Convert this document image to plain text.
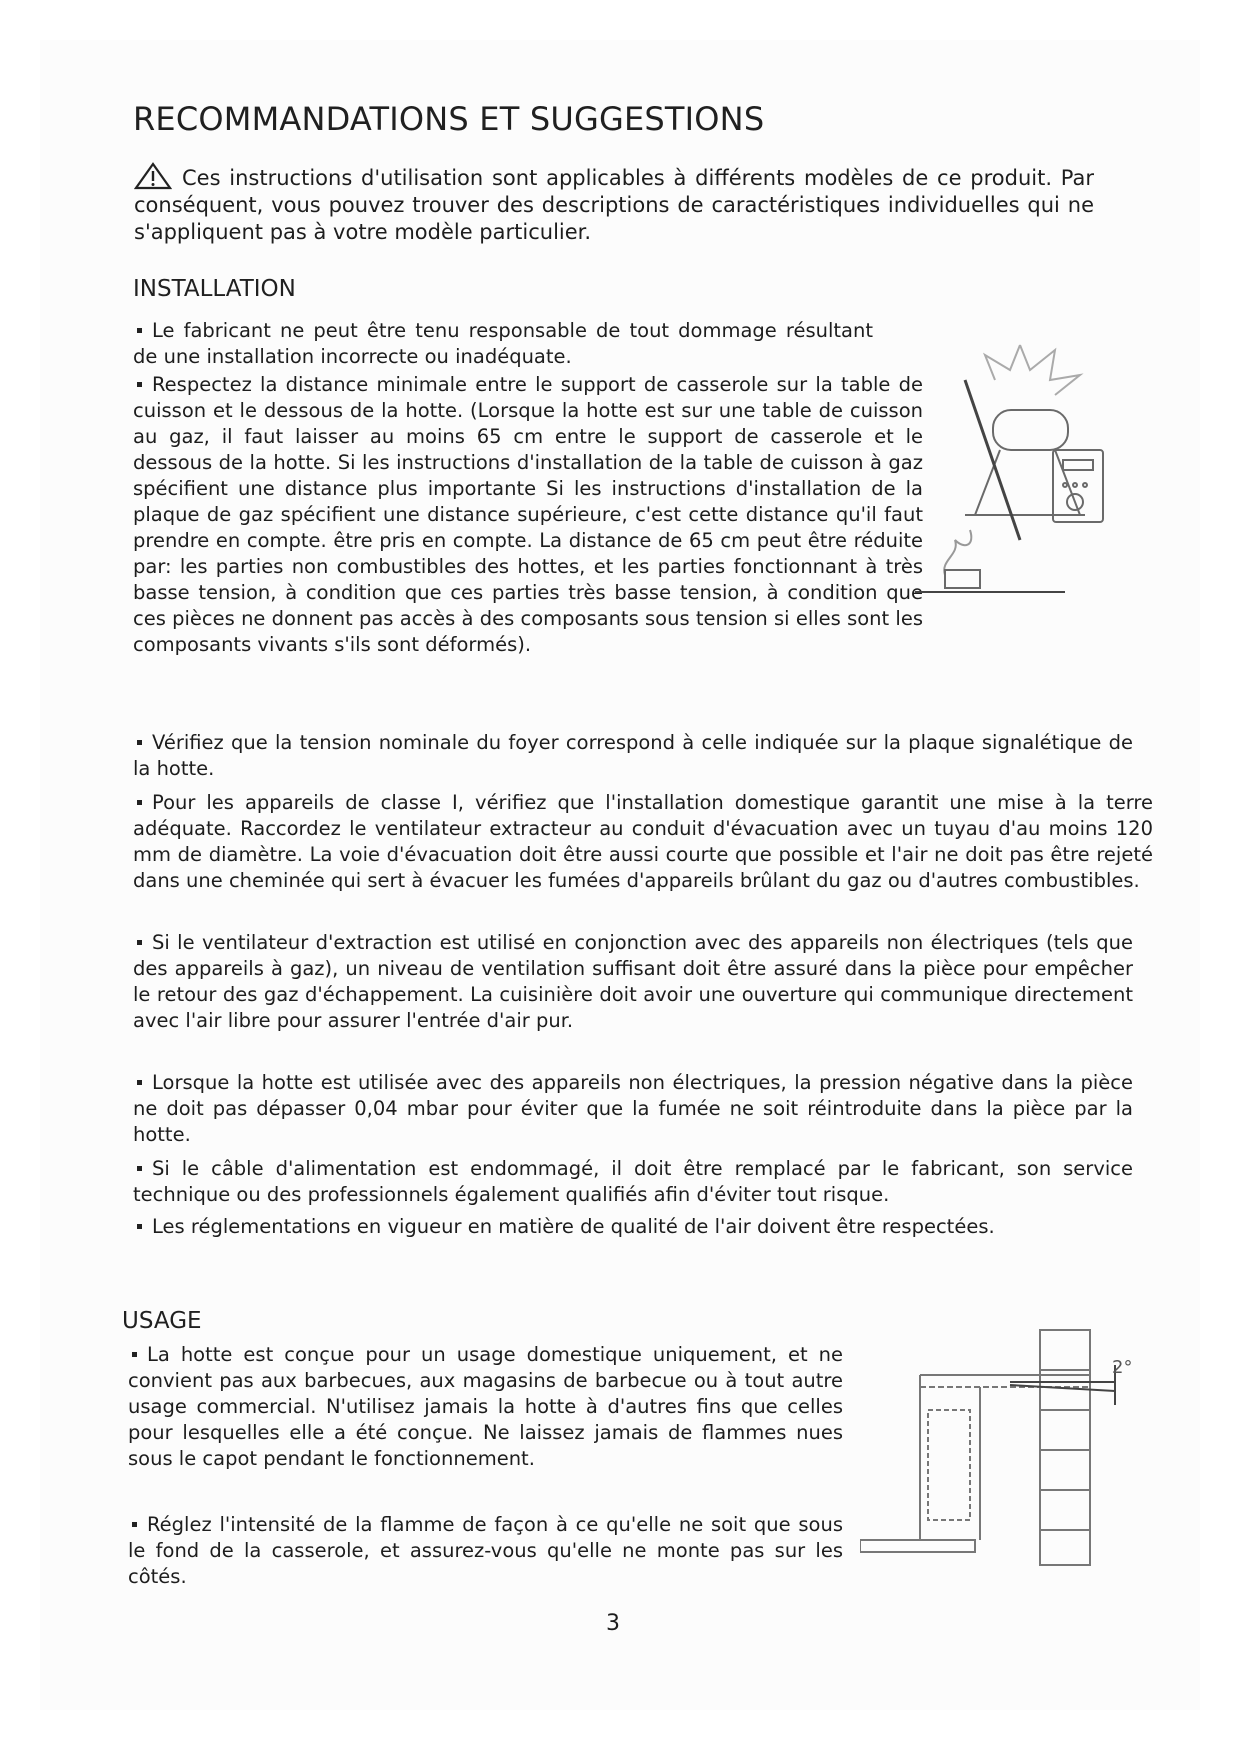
RECOMMANDATIONS ET SUGGESTIONS

Ces instructions d'utilisation sont applicables à différents modèles de ce produit. Par conséquent, vous pouvez trouver des descriptions de caractéristiques individuelles qui ne s'appliquent pas à votre modèle particulier.

INSTALLATION

Le fabricant ne peut être tenu responsable de tout dommage résultant de une installation incorrecte ou inadéquate.

Respectez la distance minimale entre le support de casserole sur la table de cuisson et le dessous de la hotte. (Lorsque la hotte est sur une table de cuisson au gaz, il faut laisser au moins 65 cm entre le support de casserole et le dessous de la hotte. Si les instructions d'installation de la table de cuisson à gaz spécifient une distance plus importante Si les instructions d'installation de la plaque de gaz spécifient une distance supérieure, c'est cette distance qu'il faut prendre en compte. être pris en compte. La distance de 65 cm peut être réduite par: les parties non combustibles des hottes, et les parties fonctionnant à très basse tension, à condition que ces parties très basse tension, à condition que ces pièces ne donnent pas accès à des composants sous tension si elles sont les composants vivants s'ils sont déformés).

Vérifiez que la tension nominale du foyer correspond à celle indiquée sur la plaque signalétique de la hotte.

Pour les appareils de classe I, vérifiez que l'installation domestique garantit une mise à la terre adéquate. Raccordez le ventilateur extracteur au conduit d'évacuation avec un tuyau d'au moins 120 mm de diamètre. La voie d'évacuation doit être aussi courte que possible et l'air ne doit pas être rejeté dans une cheminée qui sert à évacuer les fumées d'appareils brûlant du gaz ou d'autres combustibles.

Si le ventilateur d'extraction est utilisé en conjonction avec des appareils non électriques (tels que des appareils à gaz), un niveau de ventilation suffisant doit être assuré dans la pièce pour empêcher le retour des gaz d'échappement. La cuisinière doit avoir une ouverture qui communique directement avec l'air libre pour assurer l'entrée d'air pur.

Lorsque la hotte est utilisée avec des appareils non électriques, la pression négative dans la pièce ne doit pas dépasser 0,04 mbar pour éviter que la fumée ne soit réintroduite dans la pièce par la hotte.

Si le câble d'alimentation est endommagé, il doit être remplacé par le fabricant, son service technique ou des professionnels également qualifiés afin d'éviter tout risque.

Les réglementations en vigueur en matière de qualité de l'air doivent être respectées.

USAGE

La hotte est conçue pour un usage domestique uniquement, et ne convient pas aux barbecues, aux magasins de barbecue ou à tout autre usage commercial. N'utilisez jamais la hotte à d'autres fins que celles pour lesquelles elle a été conçue. Ne laissez jamais de flammes nues sous le capot pendant le fonctionnement.

Réglez l'intensité de la flamme de façon à ce qu'elle ne soit que sous le fond de la casserole, et assurez-vous qu'elle ne monte pas sur les côtés.

2°
3
